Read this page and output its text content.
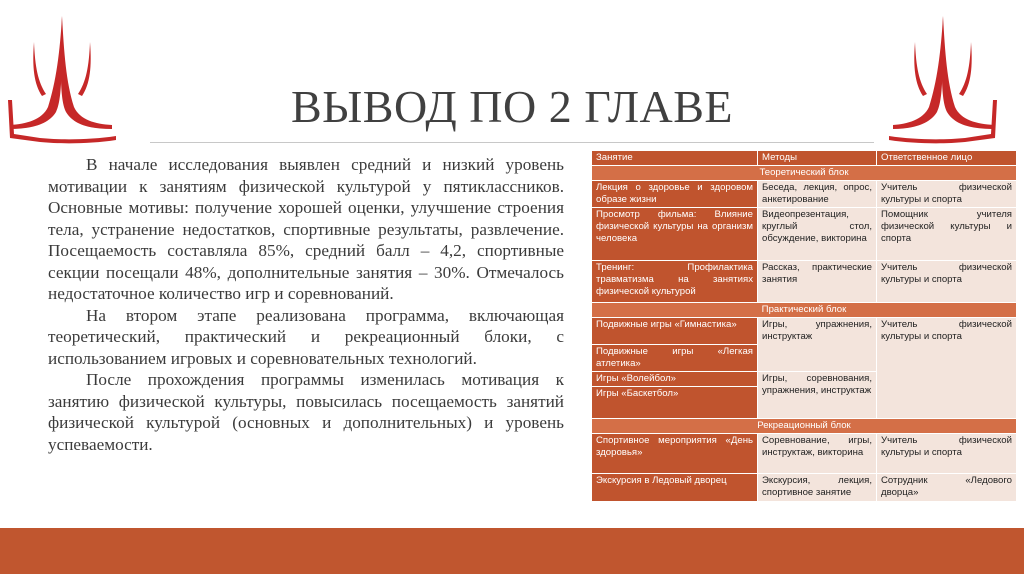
ВЫВОД ПО 2 ГЛАВЕ

В начале исследования выявлен средний и низкий уровень мотивации к занятиям физической культурой у пятиклассников. Основные мотивы: получение хорошей оценки, улучшение строения тела, устранение недостатков, спортивные результаты, развлечение. Посещаемость составляла 85%, средний балл – 4,2, спортивные секции посещали 48%, дополнительные занятия – 30%. Отмечалось недостаточное количество игр и соревнований.

На втором этапе реализована программа, включающая теоретический, практический и рекреационный блоки, с использованием игровых и соревновательных технологий.

После прохождения программы изменилась мотивация к занятию физической культуры, повысилась посещаемость занятий физической культурой (основных и дополнительных) и уровень успеваемости.

Занятие	Методы	Ответственное лицо
Теоретический блок		
Лекция о здоровье и здоровом образе жизни	Беседа, лекция, опрос, анкетирование	Учитель физической культуры и спорта
Просмотр фильма: Влияние физической культуры на организм человека	Видеопрезентация, круглый стол, обсуждение, викторина	Помощник учителя физической культуры и спорта
Тренинг: Профилактика травматизма на занятиях физической культурой	Рассказ, практические занятия	Учитель физической культуры и спорта
Практический блок		
Подвижные игры «Гимнастика»	Игры, упражнения, инструктаж	Учитель физической культуры и спорта
Подвижные игры «Легкая атлетика»		
Игры «Волейбол»	Игры, соревнования, упражнения, инструктаж	
Игры «Баскетбол»		
Рекреационный блок		
Спортивное мероприятия «День здоровья»	Соревнование, игры, инструктаж, викторина	Учитель физической культуры и спорта
Экскурсия в Ледовый дворец	Экскурсия, лекция, спортивное занятие	Сотрудник «Ледового дворца»
